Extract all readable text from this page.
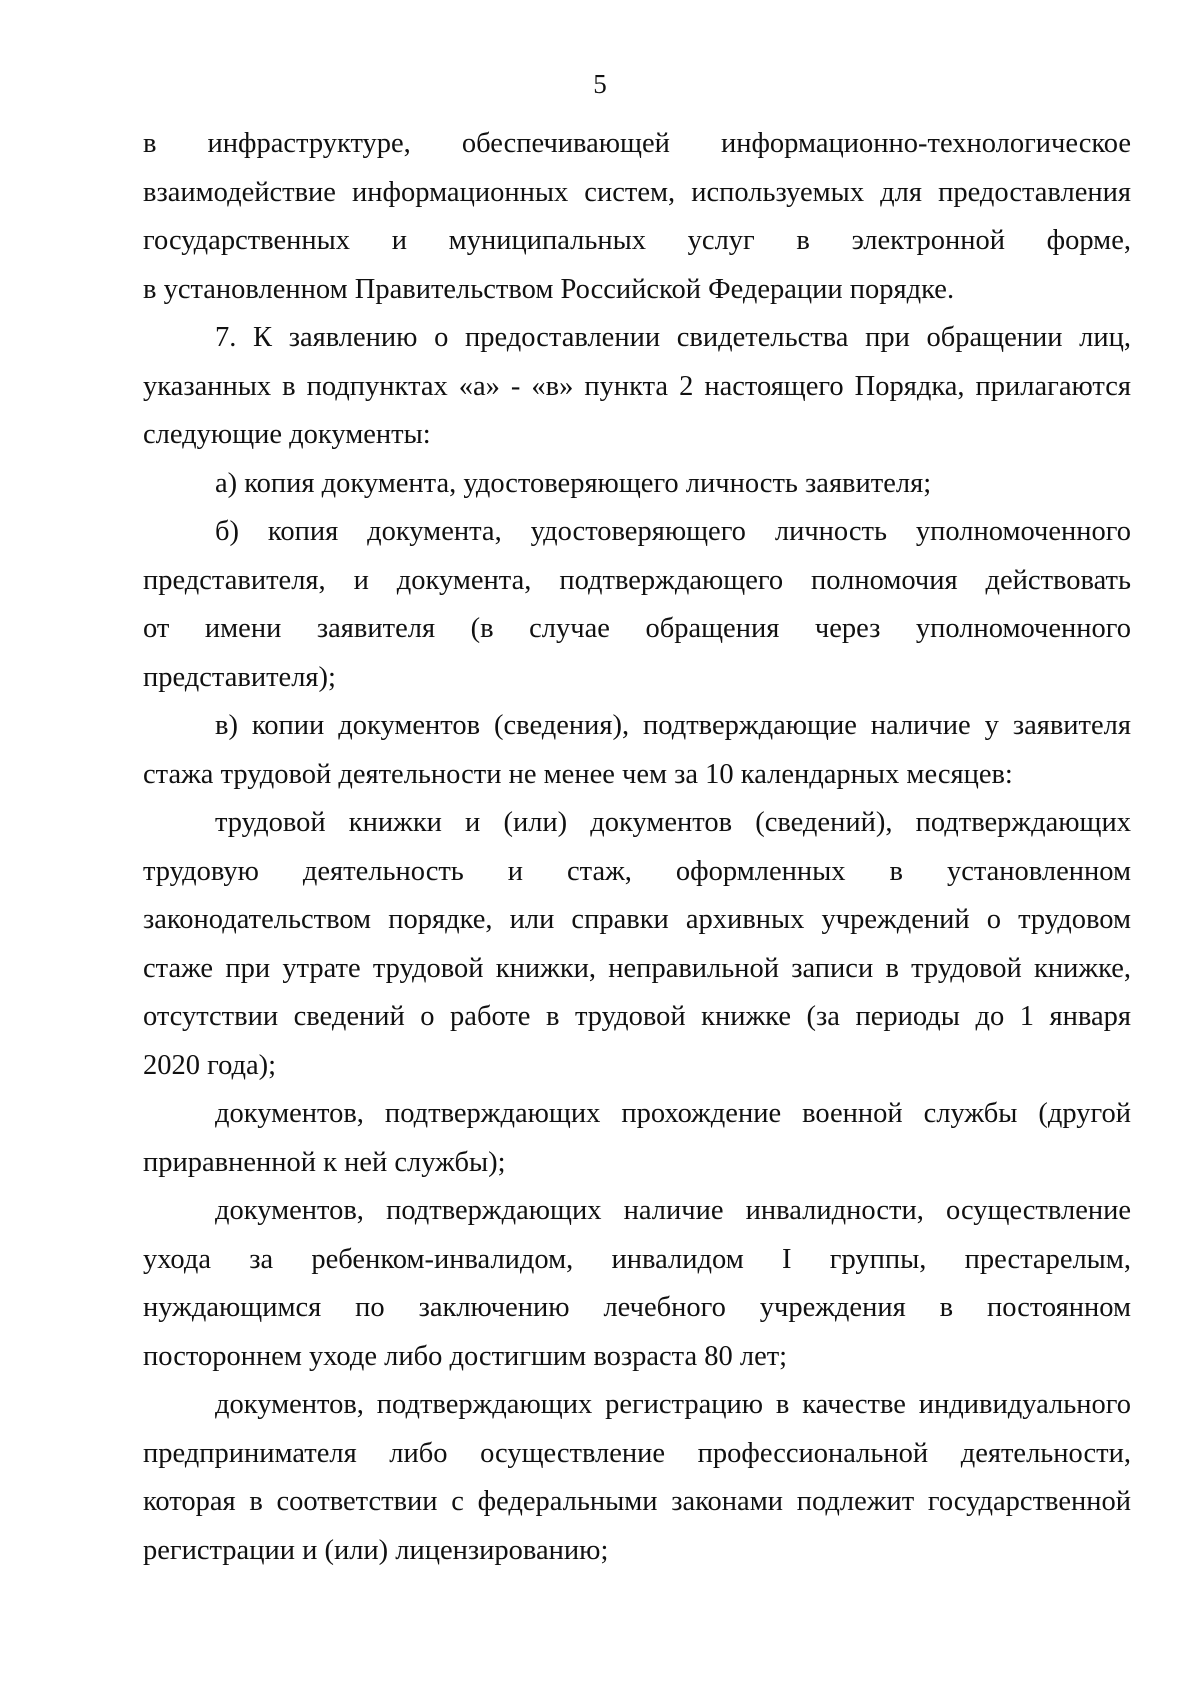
5
в инфраструктуре, обеспечивающей информационно-технологическое
взаимодействие информационных систем, используемых для предоставления
государственных и муниципальных услуг в электронной форме,
в установленном Правительством Российской Федерации порядке.
7. К заявлению о предоставлении свидетельства при обращении лиц,
указанных в подпунктах «а» - «в» пункта 2 настоящего Порядка, прилагаются
следующие документы:
а) копия документа, удостоверяющего личность заявителя;
б) копия документа, удостоверяющего личность уполномоченного
представителя, и документа, подтверждающего полномочия действовать
от имени заявителя (в случае обращения через уполномоченного
представителя);
в) копии документов (сведения), подтверждающие наличие у заявителя
стажа трудовой деятельности не менее чем за 10 календарных месяцев:
трудовой книжки и (или) документов (сведений), подтверждающих
трудовую деятельность и стаж, оформленных в установленном
законодательством порядке, или справки архивных учреждений о трудовом
стаже при утрате трудовой книжки, неправильной записи в трудовой книжке,
отсутствии сведений о работе в трудовой книжке (за периоды до 1 января
2020 года);
документов, подтверждающих прохождение военной службы (другой
приравненной к ней службы);
документов, подтверждающих наличие инвалидности, осуществление
ухода за ребенком-инвалидом, инвалидом I группы, престарелым,
нуждающимся по заключению лечебного учреждения в постоянном
постороннем уходе либо достигшим возраста 80 лет;
документов, подтверждающих регистрацию в качестве индивидуального
предпринимателя либо осуществление профессиональной деятельности,
которая в соответствии с федеральными законами подлежит государственной
регистрации и (или) лицензированию;
